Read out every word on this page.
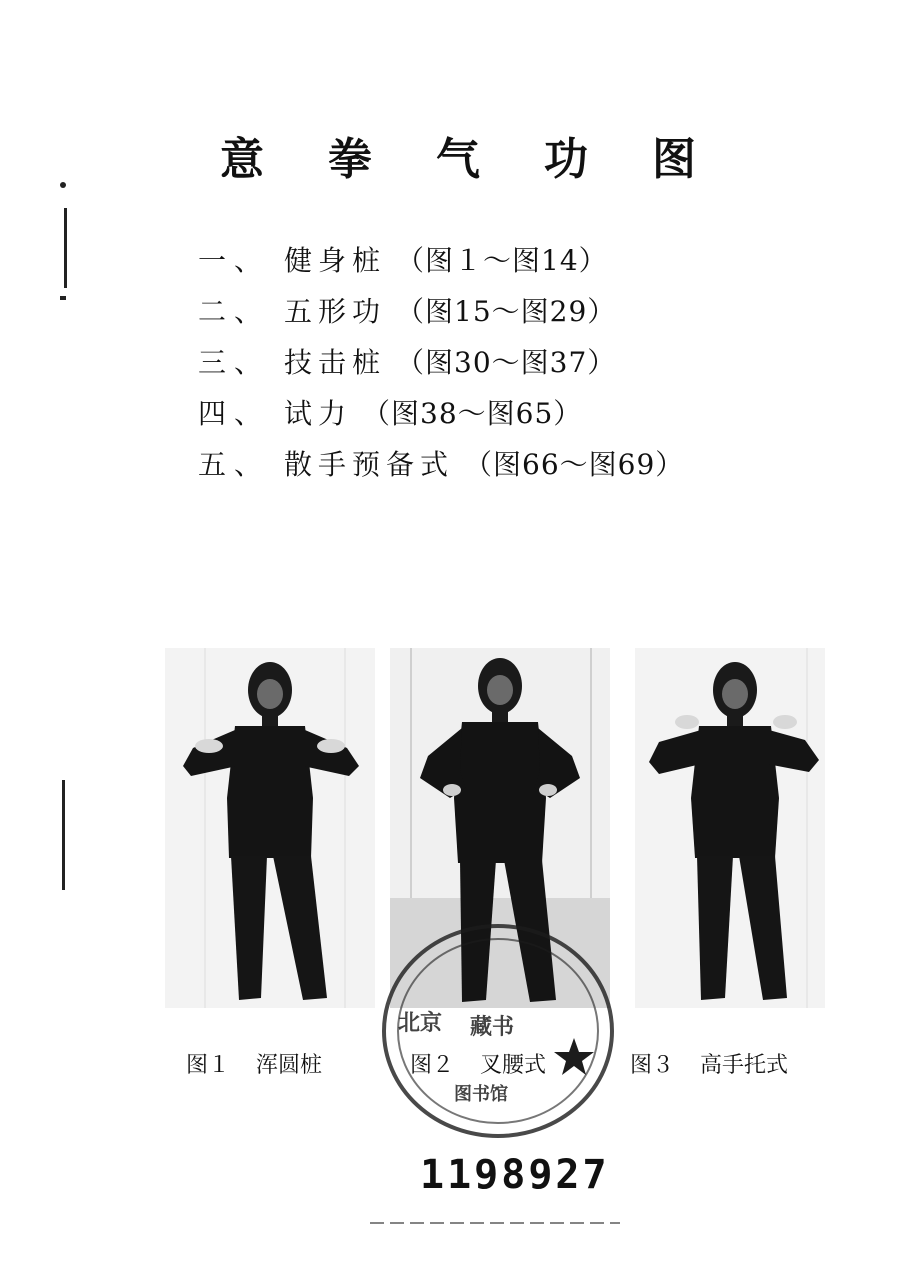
意拳气功图
一、 健身桩 （图１～图14）
二、 五形功 （图15～图29）
三、 技击桩 （图30～图37）
四、 试力 （图38～图65）
五、 散手预备式 （图66～图69）
图１ 浑圆桩	图２ 叉腰式	图３ 高手托式
北京 藏书
图书馆
1198927
